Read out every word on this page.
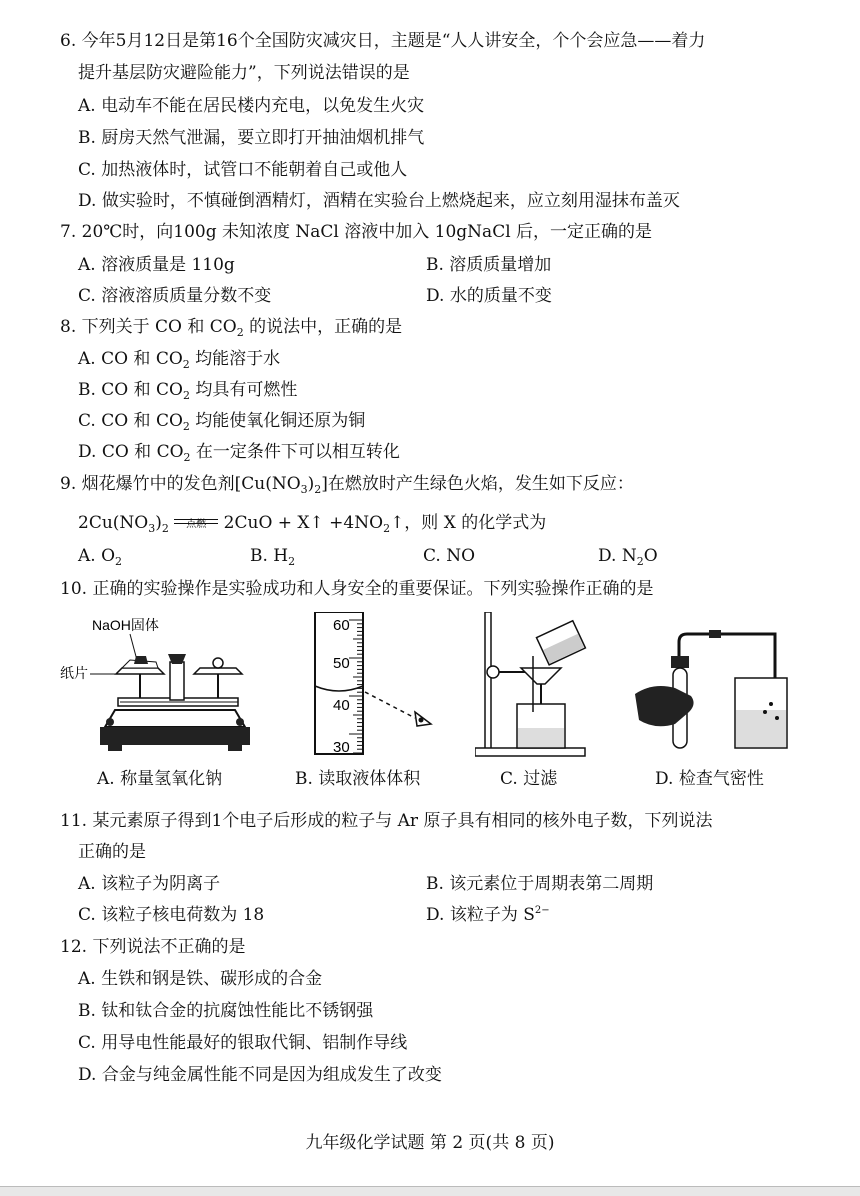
6. 今年5月12日是第16个全国防灾减灾日，主题是“人人讲安全，个个会应急——着力
提升基层防灾避险能力”，下列说法错误的是
A. 电动车不能在居民楼内充电，以免发生火灾
B. 厨房天然气泄漏，要立即打开抽油烟机排气
C. 加热液体时，试管口不能朝着自己或他人
D. 做实验时，不慎碰倒酒精灯，酒精在实验台上燃烧起来，应立刻用湿抹布盖灭
7. 20℃时，向100g 未知浓度 NaCl 溶液中加入 10gNaCl 后，一定正确的是
A. 溶液质量是 110g	B. 溶质质量增加
C. 溶液溶质质量分数不变	D. 水的质量不变
8. 下列关于 CO 和 $CO_2$ 的说法中，正确的是
A. CO 和 $CO_2$ 均能溶于水
B. CO 和 $CO_2$ 均具有可燃性
C. CO 和 $CO_2$ 均能使氧化铜还原为铜
D. CO 和 $CO_2$ 在一定条件下可以相互转化
9. 烟花爆竹中的发色剂$[Cu(NO_3)_2]$在燃放时产生绿色火焰，发生如下反应：
$2Cu(NO_3)_2$	点燃	2CuO + X↑ $+4NO_2↑$，则 X 的化学式为
A. $O_2$	B. $H_2$	C. NO	D. $N_2O$
10. 正确的实验操作是实验成功和人身安全的重要保证。下列实验操作正确的是
NaOH固体
纸片
60
50
40
30
A. 称量氢氧化钠	B. 读取液体体积	C. 过滤	D. 检查气密性
11. 某元素原子得到1个电子后形成的粒子与 Ar 原子具有相同的核外电子数，下列说法
正确的是
A. 该粒子为阴离子	B. 该元素位于周期表第二周期
C. 该粒子核电荷数为 18	D. 该粒子为 $S^{2-}$
12. 下列说法不正确的是
A. 生铁和钢是铁、碳形成的合金
B. 钛和钛合金的抗腐蚀性能比不锈钢强
C. 用导电性能最好的银取代铜、铝制作导线
D. 合金与纯金属性能不同是因为组成发生了改变
九年级化学试题 第 2 页(共 8 页)
